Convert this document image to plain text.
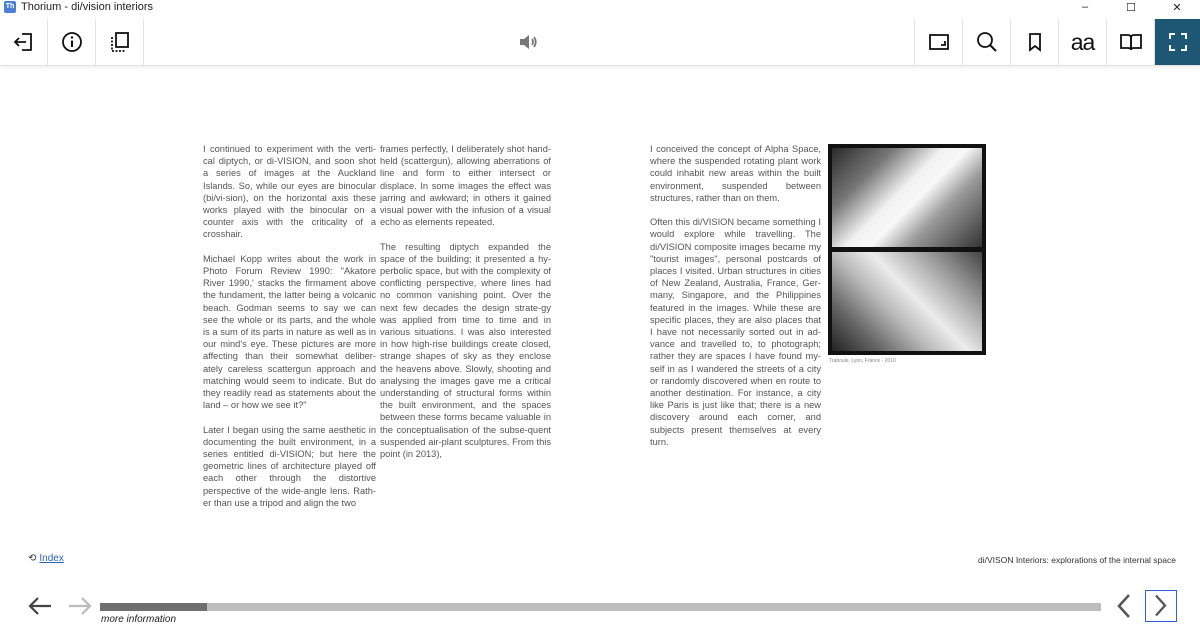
Th Thorium - di/vision interiors	–	☐	✕
aa

I continued to experiment with the verti-cal diptych, or di-VISION, and soon shot a series of images at the Auckland Islands. So, while our eyes are binocular (bi/vi-sion), on the horizontal axis these works played with the binocular on a counter axis with the criticality of a crosshair.

Michael Kopp writes about the work in Photo Forum Review 1990: "Akatore River 1990,' stacks the firmament above the fundament, the latter being a volcanic beach. Godman seems to say we can see the whole or its parts, and the whole is a sum of its parts in nature as well as in our mind's eye. These pictures are more affecting than their somewhat deliber-ately careless scattergun approach and matching would seem to indicate. But do they readily read as statements about the land – or how we see it?"

Later I began using the same aesthetic in documenting the built environment, in a series entitled di-VISION; but here the geometric lines of architecture played off each other through the distortive perspective of the wide-angle lens. Rath-er than use a tripod and align the two

frames perfectly, I deliberately shot hand-held (scattergun), allowing aberrations of line and form to either intersect or displace. In some images the effect was jarring and awkward; in others it gained visual power with the infusion of a visual echo as elements repeated.

The resulting diptych expanded the space of the building; it presented a hy-perbolic space, but with the complexity of conflicting perspective, where lines had no common vanishing point. Over the next few decades the design strate-gy was applied from time to time and in various situations. I was also interested in how high-rise buildings create closed, strange shapes of sky as they enclose the heavens above. Slowly, shooting and analysing the images gave me a critical understanding of structural forms within the built environment, and the spaces between these forms became valuable in the conceptualisation of the subse-quent suspended air-plant sculptures. From this point (in 2013),

I conceived the concept of Alpha Space, where the suspended rotating plant work could inhabit new areas within the built environment, suspended between structures, rather than on them.

Often this di/VISION became something I would explore while travelling. The di/VISION composite images became my "tourist images", personal postcards of places I visited. Urban structures in cities of New Zealand, Australia, France, Ger-many, Singapore, and the Philippines featured in the images. While these are specific places, they are also places that I have not necessarily sorted out in ad-vance and travelled to, to photograph; rather they are spaces I have found my-self in as I wandered the streets of a city or randomly discovered when en route to another destination. For instance, a city like Paris is just like that; there is a new discovery around each corner, and subjects present themselves at every turn.

Traboule, Lyon, France - 2010
⟲ Index	di/VISON Interiors: explorations of the internal space
more information
